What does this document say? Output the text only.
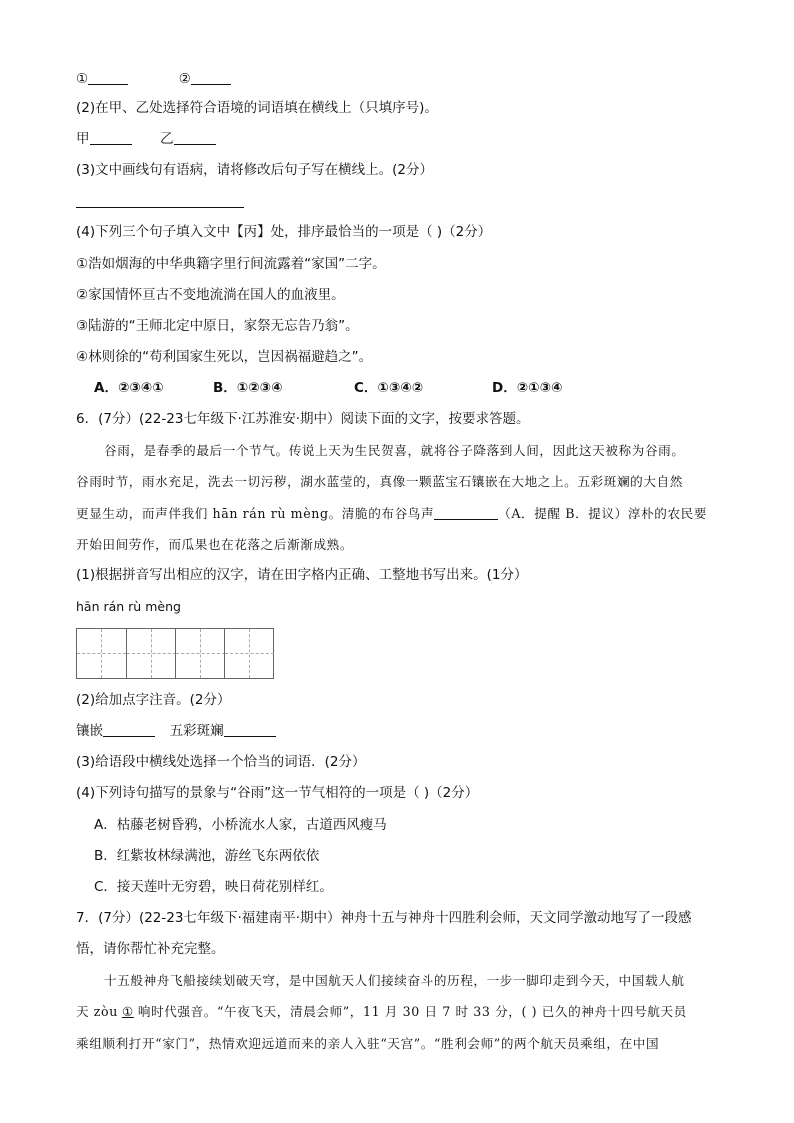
①	②
(2)在甲、乙处选择符合语境的词语填在横线上（只填序号)。
甲	乙
(3)文中画线句有语病，请将修改后句子写在横线上。(2分）
(4)下列三个句子填入文中【丙】处，排序最恰当的一项是（ )（2分）
①浩如烟海的中华典籍字里行间流露着“家国”二字。
②家国情怀亘古不变地流淌在国人的血液里。
③陆游的“王师北定中原日，家祭无忘告乃翁”。
④林则徐的“苟利国家生死以，岂因祸福避趋之”。
A．②③④①	B．①②③④	C．①③④②	D．②①③④
6．(7分）(22-23七年级下·江苏淮安·期中）阅读下面的文字，按要求答题。
谷雨，是春季的最后一个节气。传说上天为生民贺喜，就将谷子降落到人间，因此这天被称为谷雨。
谷雨时节，雨水充足，洗去一切污秽，湖水蓝莹的，真像一颗蓝宝石镶嵌在大地之上。五彩斑斓的大自然
更显生动，而声伴我们 hān rán rù mèng。清脆的布谷鸟声	（A．提醒 B．提议）淳朴的农民要
开始田间劳作，而瓜果也在花落之后渐渐成熟。
(1)根据拼音写出相应的汉字，请在田字格内正确、工整地书写出来。(1分）
hān rán rù mèng
(2)给加点字注音。(2分）
镶嵌	五彩斑斓
(3)给语段中横线处选择一个恰当的词语．(2分）
(4)下列诗句描写的景象与“谷雨”这一节气相符的一项是（ )（2分）
A．枯藤老树昏鸦，小桥流水人家，古道西风瘦马
B．红紫妆林绿满池，游丝飞东两依依
C．接天莲叶无穷碧，映日荷花别样红。
7．(7分）(22-23七年级下·福建南平·期中）神舟十五与神舟十四胜利会师，天文同学激动地写了一段感
悟，请你帮忙补充完整。
十五般神舟飞船接续划破天穹，是中国航天人们接续奋斗的历程，一步一脚印走到今天，中国载人航
天 zòu ① 响时代强音。“午夜飞天，清晨会师”，11 月 30 日 7 时 33 分，( ) 已久的神舟十四号航天员
乘组顺利打开“家门”，热情欢迎远道而来的亲人入驻“天宫”。“胜利会师”的两个航天员乘组，在中国
